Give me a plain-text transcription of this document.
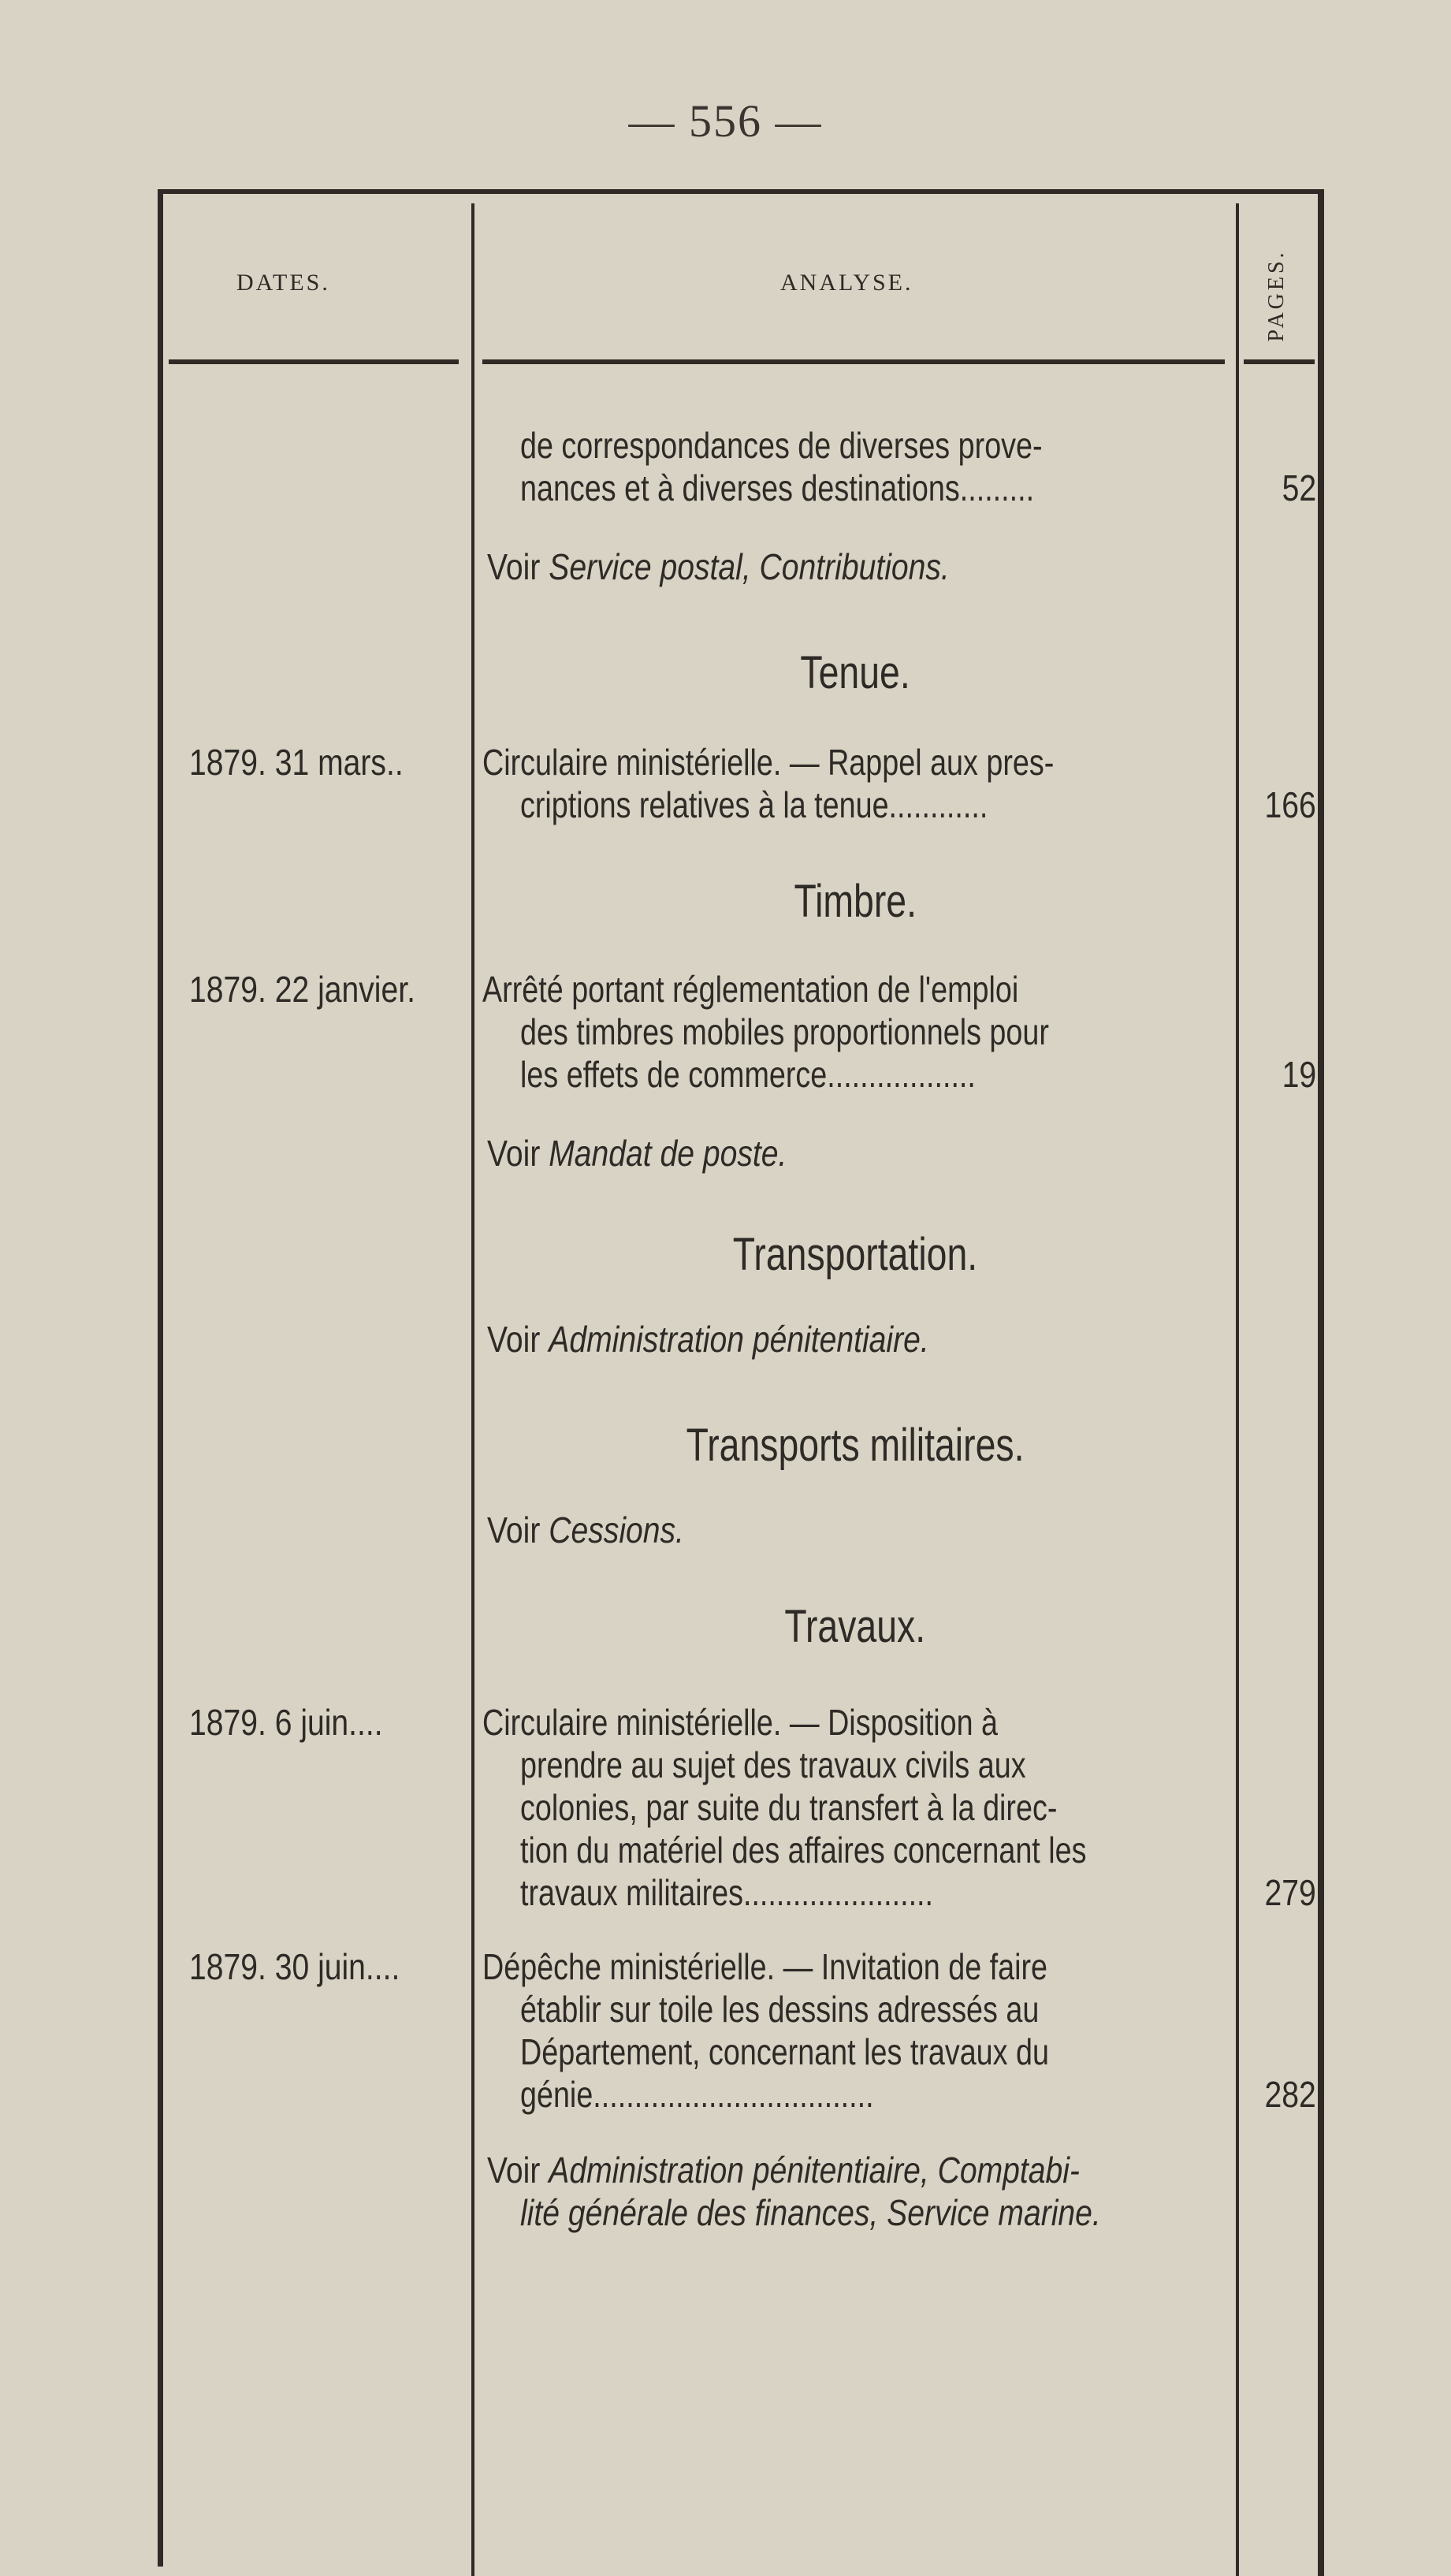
— 556 —
DATES.	ANALYSE.	PAGES.
de correspondances de diverses prove-
nances et à diverses destinations.........	52
Voir Service postal, Contributions.
Tenue.
1879. 31 mars..	Circulaire ministérielle. — Rappel aux pres-
criptions relatives à la tenue............	166
Timbre.
1879. 22 janvier.	Arrêté portant réglementation de l'emploi
des timbres mobiles proportionnels pour
les effets de commerce..................	19
Voir Mandat de poste.
Transportation.
Voir Administration pénitentiaire.
Transports militaires.
Voir Cessions.
Travaux.
1879. 6 juin....	Circulaire ministérielle. — Disposition à
prendre au sujet des travaux civils aux
colonies, par suite du transfert à la direc-
tion du matériel des affaires concernant les
travaux militaires.......................	279
1879. 30 juin....	Dépêche ministérielle. — Invitation de faire
établir sur toile les dessins adressés au
Département, concernant les travaux du
génie..................................	282
Voir Administration pénitentiaire, Comptabi-
lité générale des finances, Service marine.
